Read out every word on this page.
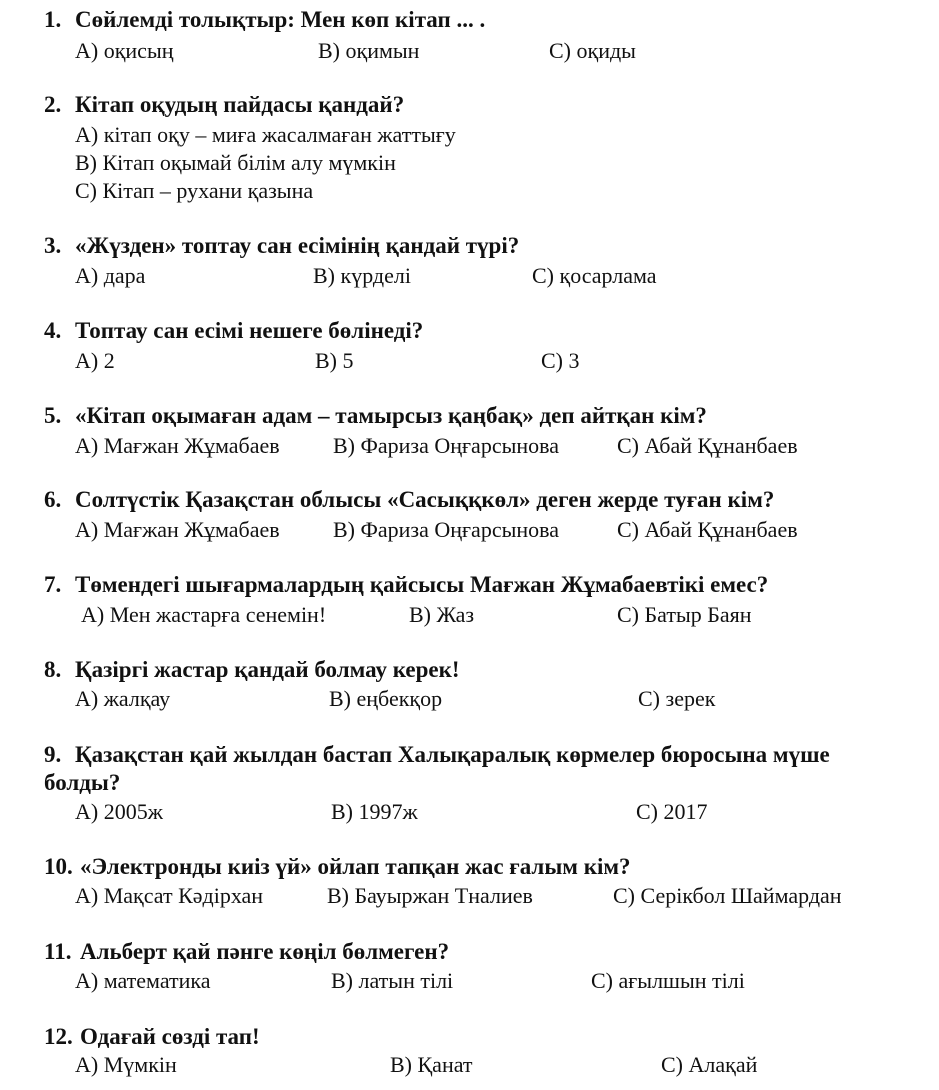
1. Сөйлемді толықтыр: Мен көп кітап ... .
А) оқисың	В) оқимын	С) оқиды
2. Кітап оқудың пайдасы қандай?
А) кітап оқу – миға жасалмаған жаттығу
В) Кітап оқымай білім алу мүмкін
С) Кітап – рухани қазына
3. «Жүзден» топтау сан есімінің қандай түрі?
А) дара	В) күрделі	С) қосарлама
4. Топтау сан есімі нешеге бөлінеді?
А) 2	В) 5	С) 3
5. «Кітап оқымаған адам – тамырсыз қаңбақ» деп айтқан кім?
А) Мағжан Жұмабаев В) Фариза Оңғарсынова	С) Абай Құнанбаев
6. Солтүстік Қазақстан облысы «Сасыққкөл» деген жерде туған кім?
А) Мағжан Жұмабаев В) Фариза Оңғарсынова	С) Абай Құнанбаев
7. Төмендегі шығармалардың қайсысы Мағжан Жұмабаевтікі емес?
А) Мен жастарға сенемін!	В) Жаз	С) Батыр Баян
8. Қазіргі жастар қандай болмау керек!
А) жалқау	В) еңбекқор	С) зерек
9. Қазақстан қай жылдан бастап Халықаралық көрмелер бюросына мүше болды?
А) 2005ж	В) 1997ж	С) 2017
10. «Электронды киіз үй» ойлап тапқан жас ғалым кім?
А) Мақсат Кәдірхан	В) Бауыржан Тналиев	С) Серікбол Шаймардан
11. Альберт қай пәнге көңіл бөлмеген?
А) математика	В) латын тілі	С) ағылшын тілі
12. Одағай сөзді тап!
А) Мүмкін	В) Қанат	С) Алақай
